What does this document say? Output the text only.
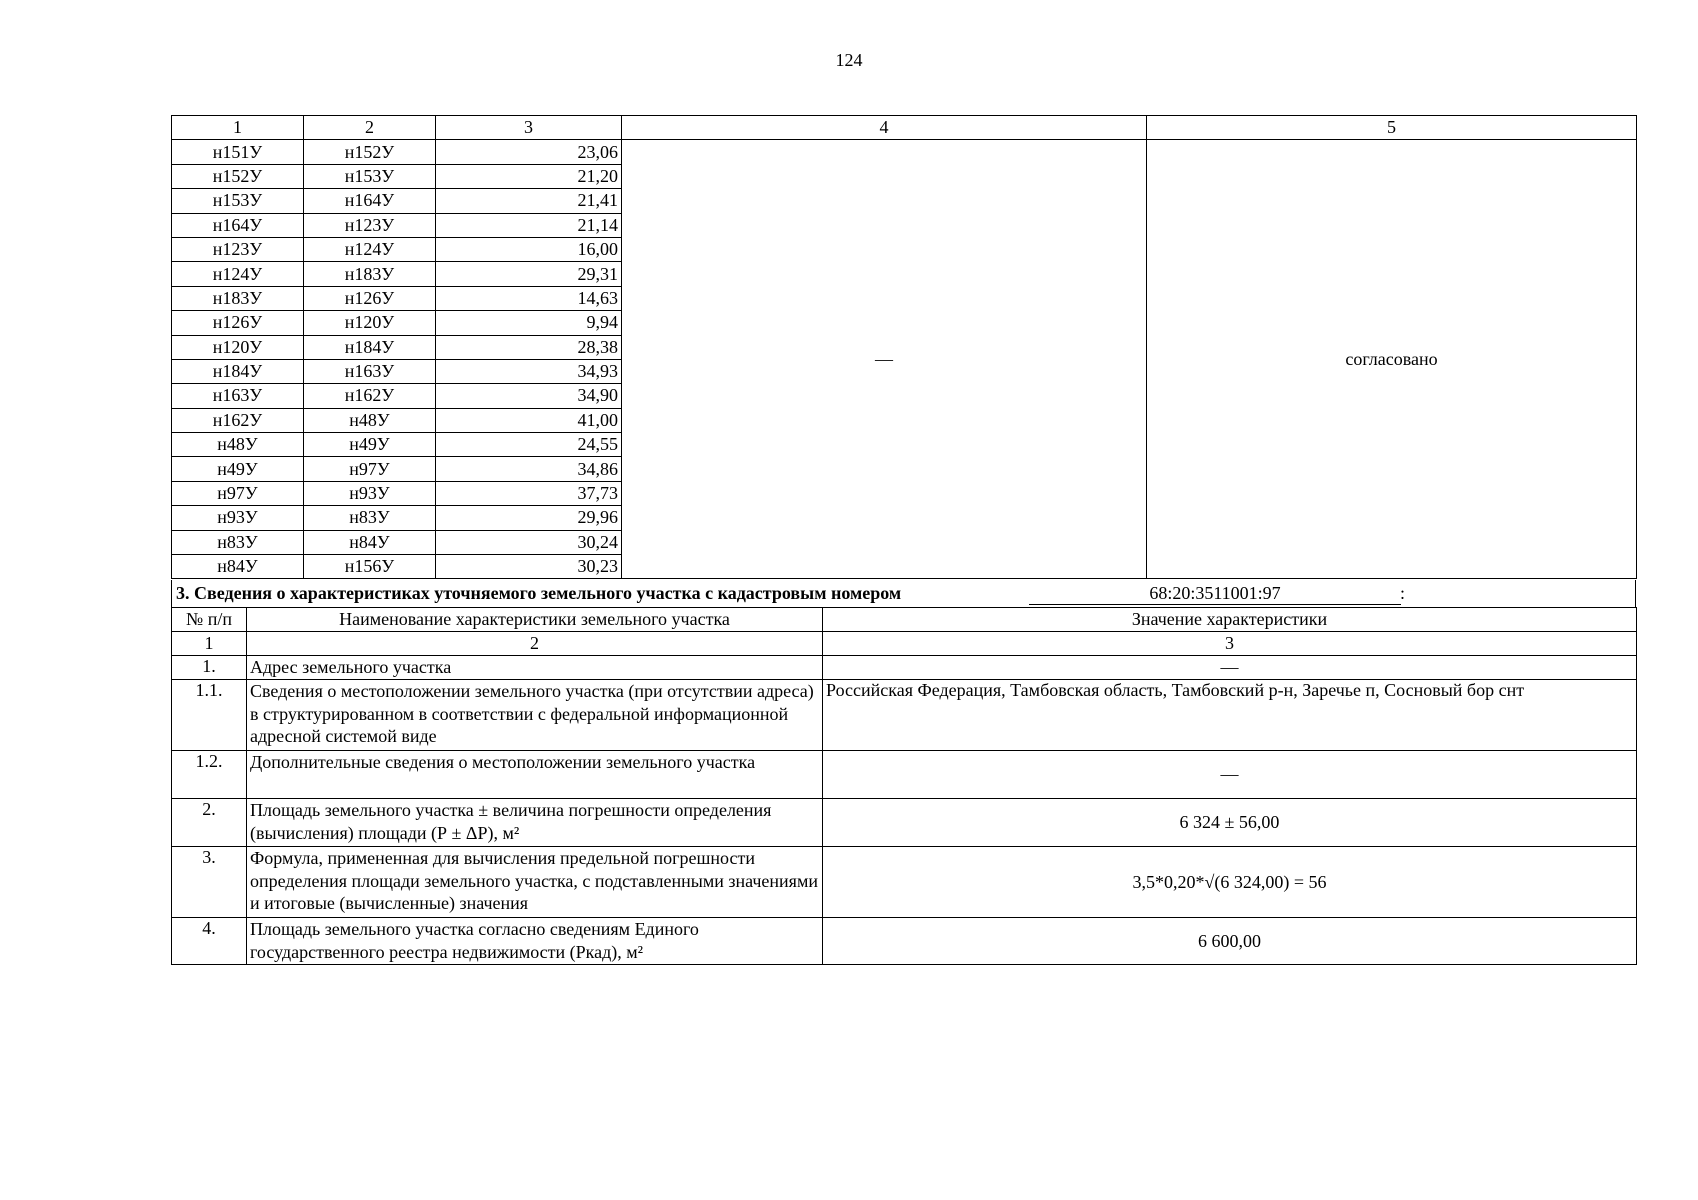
124
1	2	3	4	5
н151У	н152У	23,06	—	согласовано
н152У	н153У	21,20		
н153У	н164У	21,41		
н164У	н123У	21,14		
н123У	н124У	16,00		
н124У	н183У	29,31		
н183У	н126У	14,63		
н126У	н120У	9,94		
н120У	н184У	28,38		
н184У	н163У	34,93		
н163У	н162У	34,90		
н162У	н48У	41,00		
н48У	н49У	24,55		
н49У	н97У	34,86		
н97У	н93У	37,73		
н93У	н83У	29,96		
н83У	н84У	30,24		
н84У	н156У	30,23		
3. Сведения о характеристиках уточняемого земельного участка с кадастровым номером	68:20:3511001:97	:
№ п/п	Наименование характеристики земельного участка	Значение характеристики
1	2	3
1.	Адрес земельного участка	—
1.1.	Сведения о местоположении земельного участка (при отсутствии адреса) в структурированном в соответствии с федеральной информационной адресной системой виде	Российская Федерация, Тамбовская область, Тамбовский р-н, Заречье п, Сосновый бор снт
1.2.	Дополнительные сведения о местоположении земельного участка	—
2.	Площадь земельного участка ± величина погрешности определения (вычисления) площади (Р ± ΔР), м²	6 324 ± 56,00
3.	Формула, примененная для вычисления предельной погрешности определения площади земельного участка, с подставленными значениями и итоговые (вычисленные) значения	3,5*0,20*√(6 324,00) = 56
4.	Площадь земельного участка согласно сведениям Единого государственного реестра недвижимости (Ркад), м²	6 600,00
